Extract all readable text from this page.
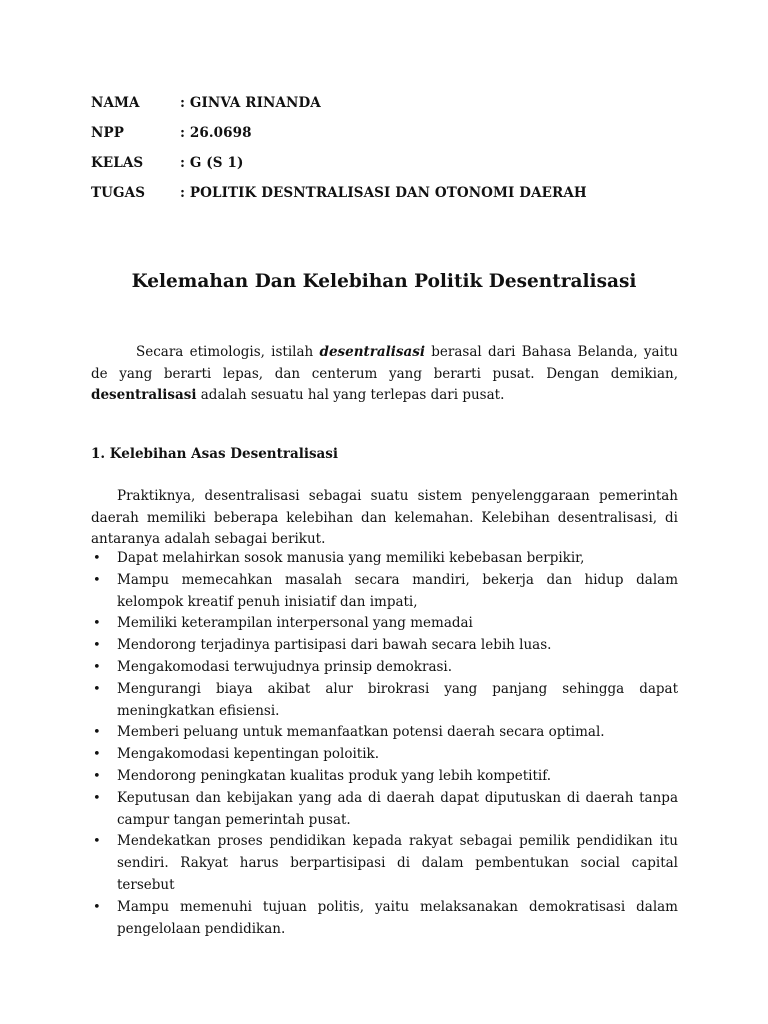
NAMA	: GINVA RINANDA
NPP	: 26.0698
KELAS	: G (S 1)
TUGAS	: POLITIK DESNTRALISASI DAN OTONOMI DAERAH
Kelemahan Dan Kelebihan Politik Desentralisasi
Secara etimologis, istilah desentralisasi berasal dari Bahasa Belanda, yaitu de yang berarti lepas, dan centerum yang berarti pusat. Dengan demikian, desentralisasi adalah sesuatu hal yang terlepas dari pusat.
1. Kelebihan Asas Desentralisasi
Praktiknya, desentralisasi sebagai suatu sistem penyelenggaraan pemerintah daerah memiliki beberapa kelebihan dan kelemahan. Kelebihan desentralisasi, di antaranya adalah sebagai berikut.
• Dapat melahirkan sosok manusia yang memiliki kebebasan berpikir,
• Mampu memecahkan masalah secara mandiri, bekerja dan hidup dalam kelompok kreatif penuh inisiatif dan impati,
• Memiliki keterampilan interpersonal yang memadai
• Mendorong terjadinya partisipasi dari bawah secara lebih luas.
• Mengakomodasi terwujudnya prinsip demokrasi.
• Mengurangi biaya akibat alur birokrasi yang panjang sehingga dapat meningkatkan efisiensi.
• Memberi peluang untuk memanfaatkan potensi daerah secara optimal.
• Mengakomodasi kepentingan poloitik.
• Mendorong peningkatan kualitas produk yang lebih kompetitif.
• Keputusan dan kebijakan yang ada di daerah dapat diputuskan di daerah tanpa campur tangan pemerintah pusat.
• Mendekatkan proses pendidikan kepada rakyat sebagai pemilik pendidikan itu sendiri. Rakyat harus berpartisipasi di dalam pembentukan social capital tersebut
• Mampu memenuhi tujuan politis, yaitu melaksanakan demokratisasi dalam pengelolaan pendidikan.
